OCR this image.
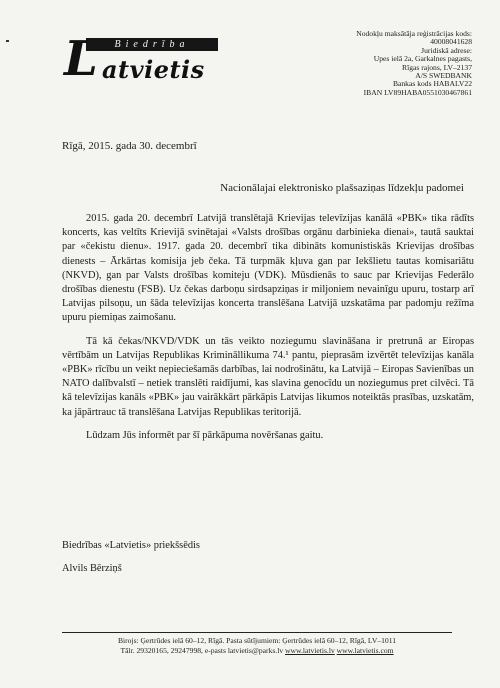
Biedrība
L atvietis
Nodokļu maksātāja reģistrācijas kods:
40008041628
Juridiskā adrese:
Upes ielā 2a, Garkalnes pagasts,
Rīgas rajons, LV–2137
A/S SWEDBANK
Bankas kods HABALV22
IBAN LV89HABA0551030467861
Rīgā, 2015. gada 30. decembrī
Nacionālajai elektronisko plašsaziņas līdzekļu padomei

2015. gada 20. decembrī Latvijā translētajā Krievijas televīzijas kanālā «PBK» tika rādīts koncerts, kas veltīts Krievijā svinētajai «Valsts drošības orgānu darbinieka dienai», tautā sauktai par «čekistu dienu». 1917. gada 20. decembrī tika dibināts komunistiskās Krievijas drošības dienests – Ārkārtas komisija jeb čeka. Tā turpmāk kļuva gan par Iekšlietu tautas komisariātu (NKVD), gan par Valsts drošības komiteju (VDK). Mūsdienās to sauc par Krievijas Federālo drošības dienestu (FSB). Uz čekas darboņu sirdsapziņas ir miljoniem nevainīgu upuru, tostarp arī Latvijas pilsoņu, un šāda televīzijas koncerta translēšana Latvijā uzskatāma par padomju režīma upuru piemiņas zaimošanu.

Tā kā čekas/NKVD/VDK un tās veikto noziegumu slavināšana ir pretrunā ar Eiropas vērtībām un Latvijas Republikas Krimināllikuma 74.¹ pantu, pieprasām izvērtēt televīzijas kanāla «PBK» rīcību un veikt nepieciešamās darbības, lai nodrošinātu, ka Latvijā – Eiropas Savienības un NATO dalībvalstī – netiek translēti raidījumi, kas slavina genocīdu un noziegumus pret cilvēci. Tā kā televīzijas kanāls «PBK» jau vairākkārt pārkāpis Latvijas likumos noteiktās prasības, uzskatām, ka jāpārtrauc tā translēšana Latvijas Republikas teritorijā.

Lūdzam Jūs informēt par šī pārkāpuma novēršanas gaitu.

Biedrības «Latvietis» priekšsēdis
Alvils Bērziņš
Birojs: Ģertrūdes ielā 60–12, Rīgā. Pasta sūtījumiem: Ģertrūdes ielā 60–12, Rīgā, LV–1011
Tālr. 29320165, 29247998, e-pasts latvietis@parks.lv www.latvietis.lv www.latvietis.com
